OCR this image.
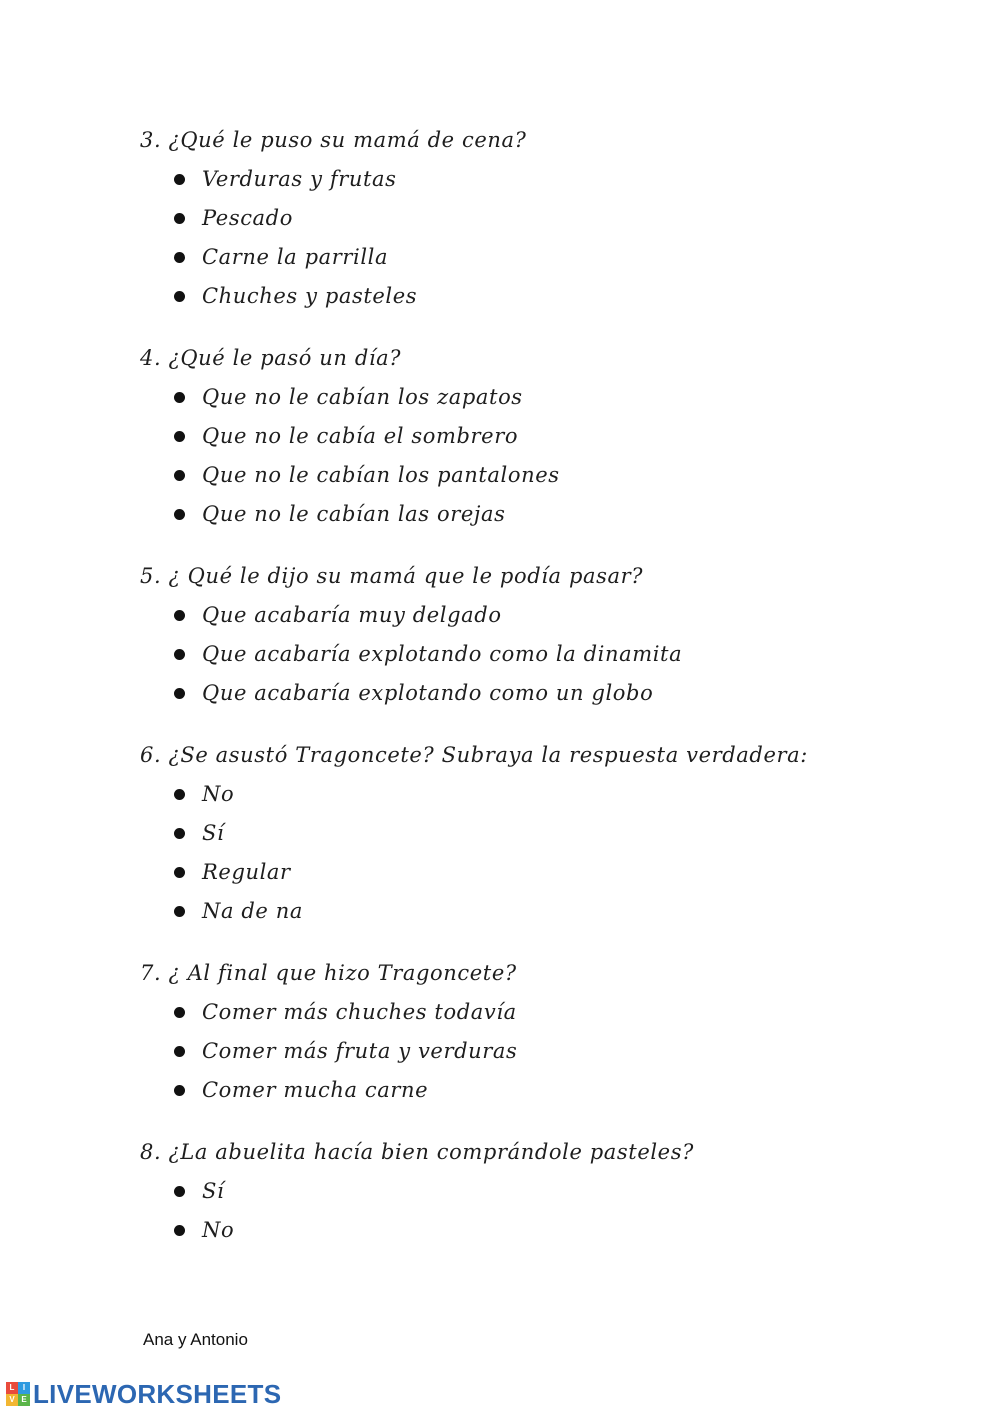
3. ¿Qué le puso su mamá de cena?

Verduras y frutas
Pescado
Carne la parrilla
Chuches y pasteles

4. ¿Qué le pasó un día?

Que no le cabían los zapatos
Que no le cabía el sombrero
Que no le cabían los pantalones
Que no le cabían las orejas

5. ¿ Qué le dijo su mamá que le podía pasar?

Que acabaría muy delgado
Que acabaría explotando como la dinamita
Que acabaría explotando como un globo

6. ¿Se asustó Tragoncete? Subraya la respuesta verdadera:

No
Sí
Regular
Na de na

7. ¿ Al final que hizo Tragoncete?

Comer más chuches todavía
Comer más fruta y verduras
Comer mucha carne

8. ¿La abuelita hacía bien comprándole pasteles?

Sí
No
Ana y Antonio
L	I
V E LIVEWORKSHEETS
